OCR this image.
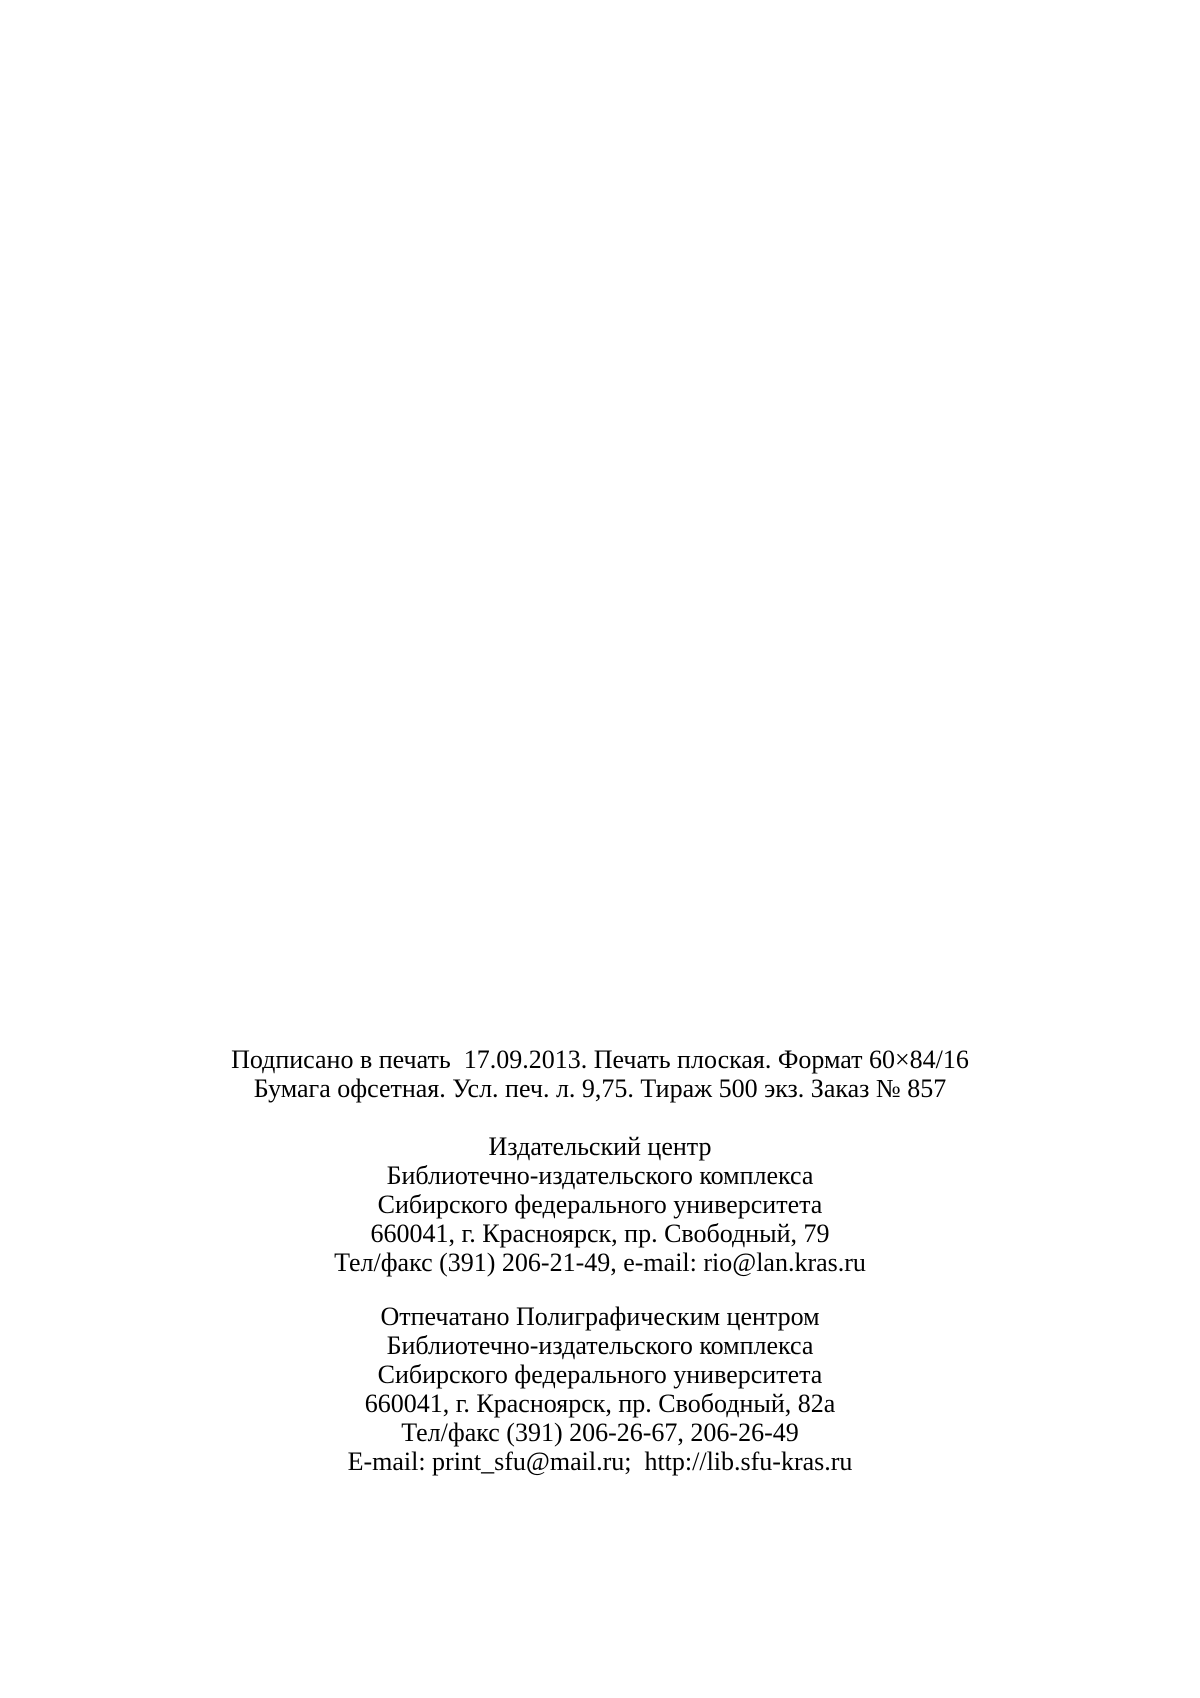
Подписано в печать  17.09.2013. Печать плоская. Формат 60×84/16
Бумага офсетная. Усл. печ. л. 9,75. Тираж 500 экз. Заказ № 857
Издательский центр
Библиотечно-издательского комплекса
Сибирского федерального университета
660041, г. Красноярск, пр. Свободный, 79
Тел/факс (391) 206-21-49, e-mail: rio@lan.kras.ru
Отпечатано Полиграфическим центром
Библиотечно-издательского комплекса
Сибирского федерального университета
660041, г. Красноярск, пр. Свободный, 82а
Тел/факс (391) 206-26-67, 206-26-49
E-mail: print_sfu@mail.ru;  http://lib.sfu-kras.ru
